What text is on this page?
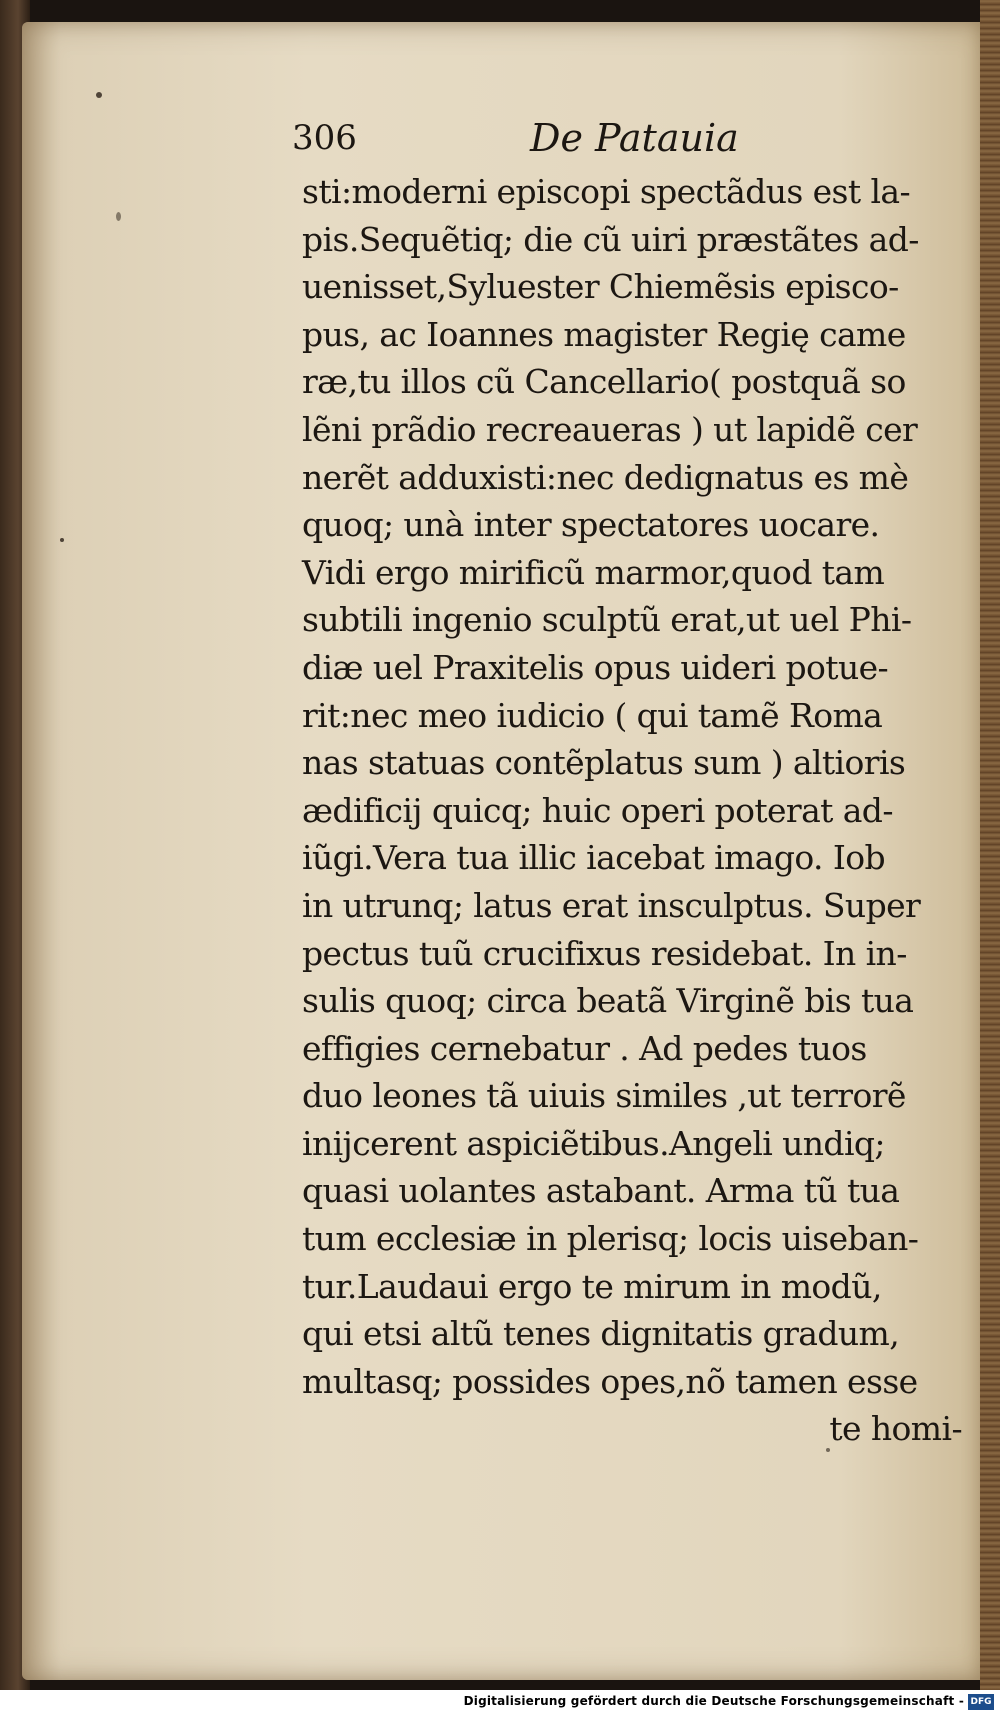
306	De Patauia
sti:moderni episcopi spectãdus est la-
pis.Sequẽtiq; die cũ uiri præstãtes ad-
uenisset,Syluester Chiemẽsis episco-
pus, ac Ioannes magister Regię came
ræ,tu illos cũ Cancellario( postquã so
lẽni prãdio recreaueras ) ut lapidẽ cer
nerẽt adduxisti:nec dedignatus es mè
quoq; unà inter spectatores uocare.
Vidi ergo mirificũ marmor,quod tam
subtili ingenio sculptũ erat,ut uel Phi-
diæ uel Praxitelis opus uideri potue-
rit:nec meo iudicio ( qui tamẽ Roma
nas statuas contẽplatus sum ) altioris
ædificij quicq; huic operi poterat ad-
iũgi.Vera tua illic iacebat imago. Iob
in utrunq; latus erat insculptus. Super
pectus tuũ crucifixus residebat. In in-
sulis quoq; circa beatã Virginẽ bis tua
effigies cernebatur . Ad pedes tuos
duo leones tã uiuis similes ,ut terrorẽ
inijcerent aspiciẽtibus.Angeli undiq;
quasi uolantes astabant. Arma tũ tua
tum ecclesiæ in plerisq; locis uiseban-
tur.Laudaui ergo te mirum in modũ,
qui etsi altũ tenes dignitatis gradum,
multasq; possides opes,nõ tamen esse
te homi-
Digitalisierung gefördert durch die Deutsche Forschungsgemeinschaft - DFG
